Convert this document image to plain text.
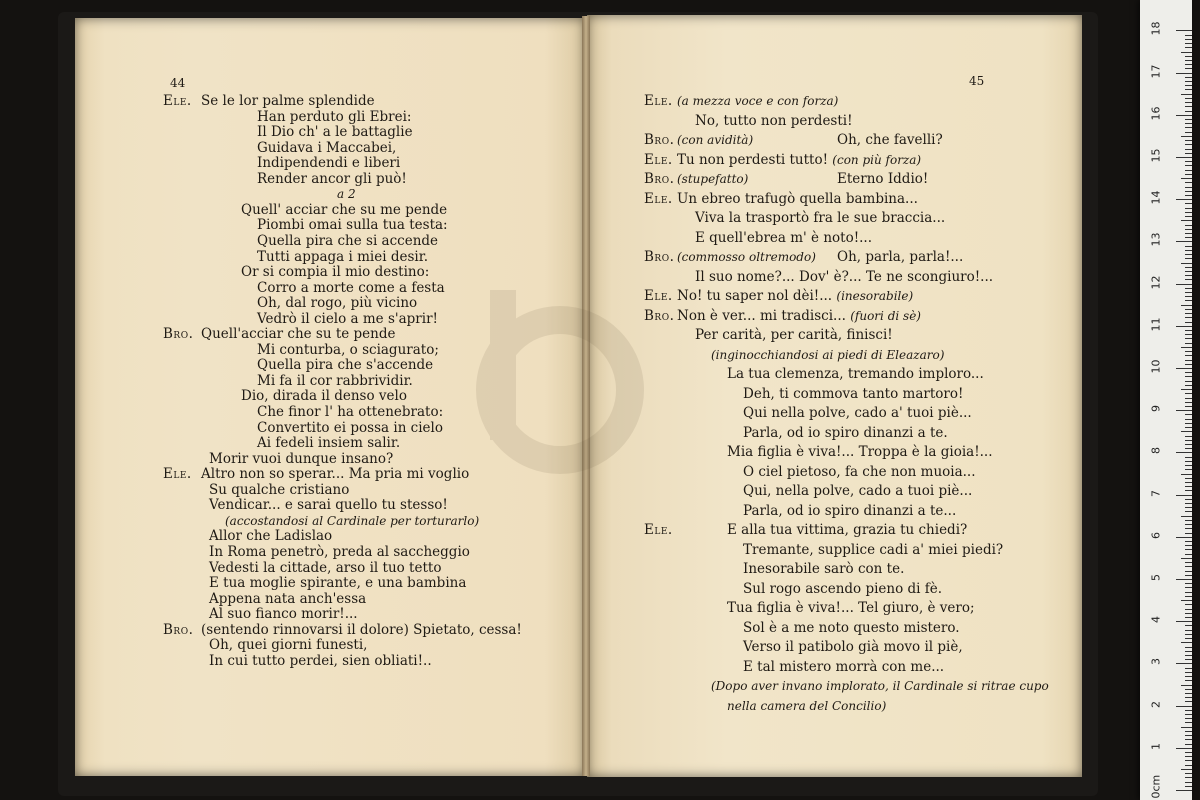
44
Ele. Se le lor palme splendide
Han perduto gli Ebrei:
Il Dio ch' a le battaglie
Guidava i Maccabei,
Indipendendi e liberi
Render ancor gli può!
a 2
Quell' acciar che su me pende
Piombi omai sulla tua testa:
Quella pira che si accende
Tutti appaga i miei desir.
Or si compia il mio destino:
Corro a morte come a festa
Oh, dal rogo, più vicino
Vedrò il cielo a me s'aprir!
Bro. Quell'acciar che su te pende
Mi conturba, o sciagurato;
Quella pira che s'accende
Mi fa il cor rabbrividir.
Dio, dirada il denso velo
Che finor l' ha ottenebrato:
Convertito ei possa in cielo
Ai fedeli insiem salir.
Morir vuoi dunque insano?
Ele. Altro non so sperar... Ma pria mi voglio
Su qualche cristiano
Vendicar... e sarai quello tu stesso!
(accostandosi al Cardinale per torturarlo)
Allor che Ladislao
In Roma penetrò, preda al saccheggio
Vedesti la cittade, arso il tuo tetto
E tua moglie spirante, e una bambina
Appena nata anch'essa
Al suo fianco morir!...
Bro. (sentendo rinnovarsi il dolore) Spietato, cessa!
Oh, quei giorni funesti,
In cui tutto perdei, sien obliati!..
45
Ele. (a mezza voce e con forza)
No, tutto non perdesti!
Bro. (con avidità)	Oh, che favelli?
Ele. Tu non perdesti tutto! (con più forza)
Bro. (stupefatto)	Eterno Iddio!
Ele. Un ebreo trafugò quella bambina...
Viva la trasportò fra le sue braccia...
E quell'ebrea m' è noto!...
Bro. (commosso oltremodo) Oh, parla, parla!...
Il suo nome?... Dov' è?... Te ne scongiuro!...
Ele. No! tu saper nol dèi!... (inesorabile)
Bro. Non è ver... mi tradisci... (fuori di sè)
Per carità, per carità, finisci!
(inginocchiandosi ai piedi di Eleazaro)
La tua clemenza, tremando imploro...
Deh, ti commova tanto martoro!
Qui nella polve, cado a' tuoi piè...
Parla, od io spiro dinanzi a te.
Mia figlia è viva!... Troppa è la gioia!...
O ciel pietoso, fa che non muoia...
Qui, nella polve, cado a tuoi piè...
Parla, od io spiro dinanzi a te...
Ele.	E alla tua vittima, grazia tu chiedi?
Tremante, supplice cadi a' miei piedi?
Inesorabile sarò con te.
Sul rogo ascendo pieno di fè.
Tua figlia è viva!... Tel giuro, è vero;
Sol è a me noto questo mistero.
Verso il patibolo già movo il piè,
E tal mistero morrà con me...
(Dopo aver invano implorato, il Cardinale si ritrae cupo
nella camera del Concilio)
0cm
1
2
3
4
5
6
7
8
9
10
11
12
13
14
15
16
17
18
